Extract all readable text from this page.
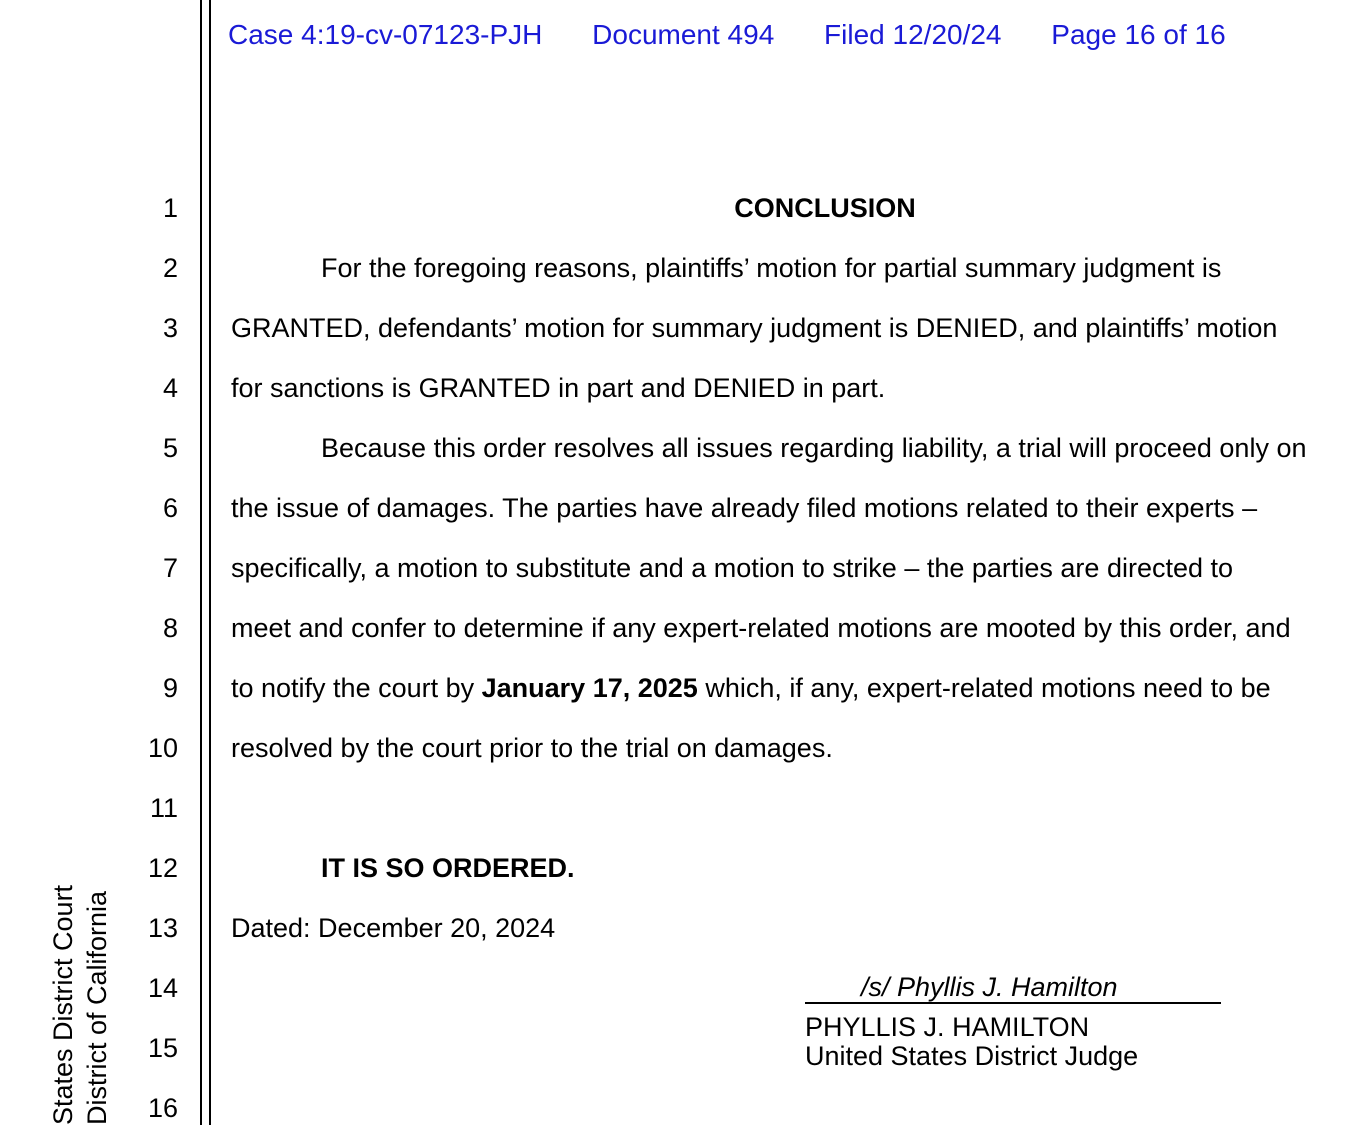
Case 4:19-cv-07123-PJH Document 494 Filed 12/20/24 Page 16 of 16
1
2
3
4
5
6
7
8
9
10
11
12
13
14
15
16
CONCLUSION
For the foregoing reasons, plaintiffs’ motion for partial summary judgment is
GRANTED, defendants’ motion for summary judgment is DENIED, and plaintiffs’ motion
for sanctions is GRANTED in part and DENIED in part.
Because this order resolves all issues regarding liability, a trial will proceed only on
the issue of damages. The parties have already filed motions related to their experts –
specifically, a motion to substitute and a motion to strike – the parties are directed to
meet and confer to determine if any expert-related motions are mooted by this order, and
to notify the court by January 17, 2025 which, if any, expert-related motions need to be
resolved by the court prior to the trial on damages.
IT IS SO ORDERED.
Dated: December 20, 2024
/s/ Phyllis J. Hamilton
PHYLLIS J. HAMILTON
United States District Judge
States District Court District of California
